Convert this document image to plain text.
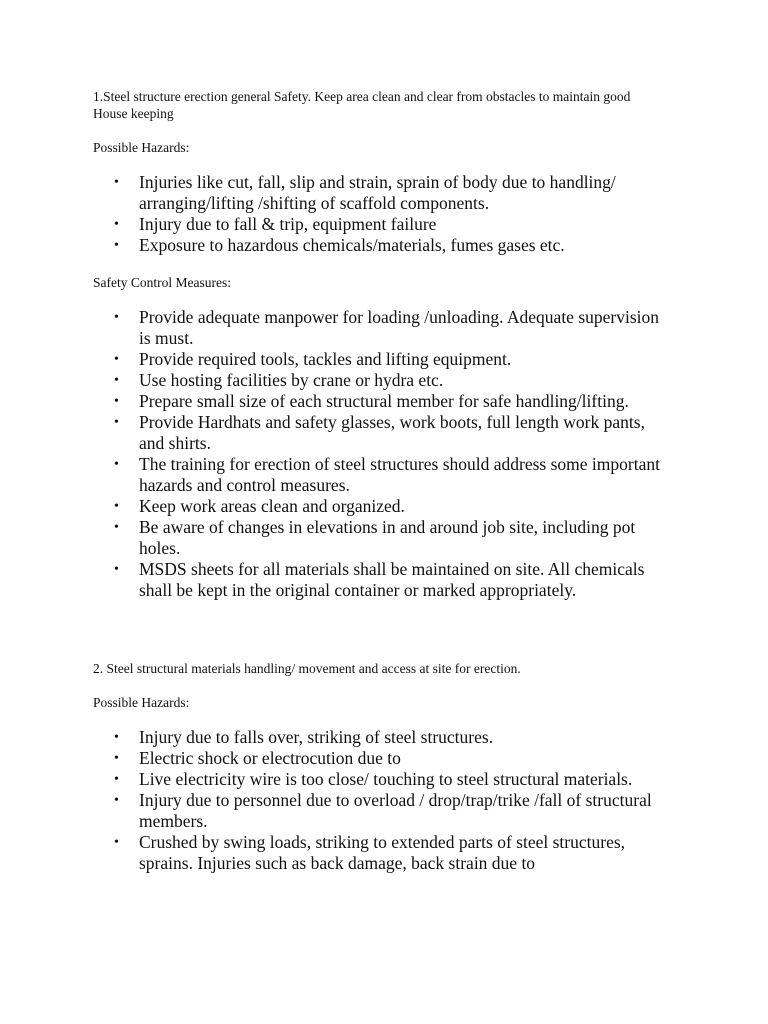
1.Steel structure erection general Safety. Keep area clean and clear from obstacles to maintain good House keeping

Possible Hazards:

• Injuries like cut, fall, slip and strain, sprain of body due to handling/ arranging/lifting /shifting of scaffold components.
• Injury due to fall & trip, equipment failure
• Exposure to hazardous chemicals/materials, fumes gases etc.

Safety Control Measures:

• Provide adequate manpower for loading /unloading. Adequate supervision is must.
• Provide required tools, tackles and lifting equipment.
• Use hosting facilities by crane or hydra etc.
• Prepare small size of each structural member for safe handling/lifting.
• Provide Hardhats and safety glasses, work boots, full length work pants, and shirts.
• The training for erection of steel structures should address some important hazards and control measures.
• Keep work areas clean and organized.
• Be aware of changes in elevations in and around job site, including pot holes.
• MSDS sheets for all materials shall be maintained on site. All chemicals shall be kept in the original container or marked appropriately.

2. Steel structural materials handling/ movement and access at site for erection.

Possible Hazards:

• Injury due to falls over, striking of steel structures.
• Electric shock or electrocution due to
• Live electricity wire is too close/ touching to steel structural materials.
• Injury due to personnel due to overload / drop/trap/trike /fall of structural members.
• Crushed by swing loads, striking to extended parts of steel structures, sprains. Injuries such as back damage, back strain due to
